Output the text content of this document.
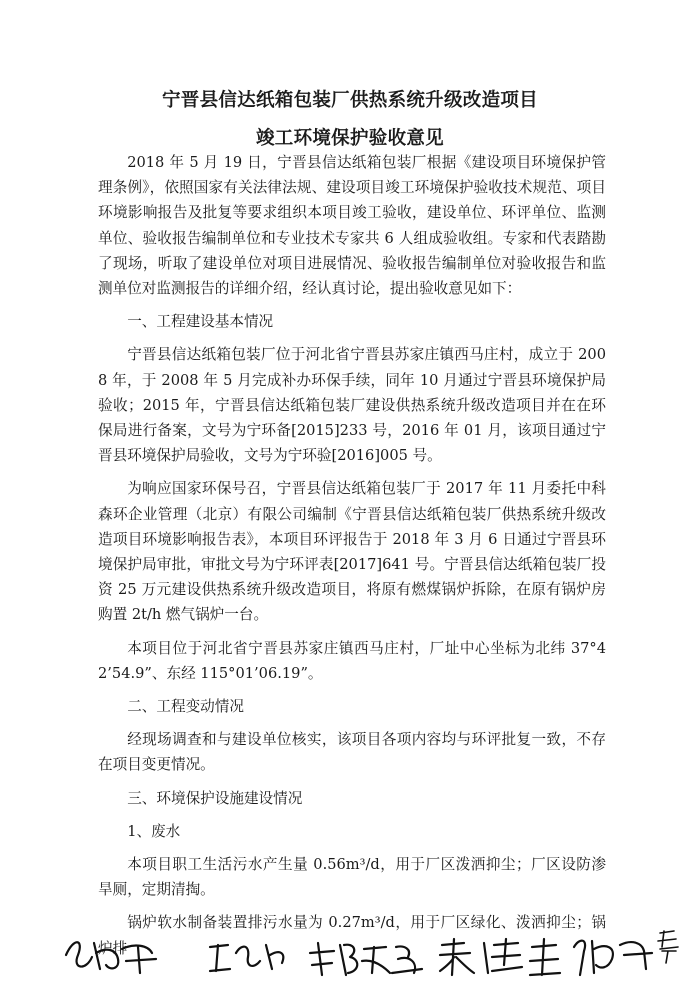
宁晋县信达纸箱包装厂供热系统升级改造项目
竣工环境保护验收意见

2018 年 5 月 19 日，宁晋县信达纸箱包装厂根据《建设项目环境保护管理条例》，依照国家有关法律法规、建设项目竣工环境保护验收技术规范、项目环境影响报告及批复等要求组织本项目竣工验收，建设单位、环评单位、监测单位、验收报告编制单位和专业技术专家共 6 人组成验收组。专家和代表踏勘了现场，听取了建设单位对项目进展情况、验收报告编制单位对验收报告和监测单位对监测报告的详细介绍，经认真讨论，提出验收意见如下：

一、工程建设基本情况

宁晋县信达纸箱包装厂位于河北省宁晋县苏家庄镇西马庄村，成立于 2008 年，于 2008 年 5 月完成补办环保手续，同年 10 月通过宁晋县环境保护局验收；2015 年，宁晋县信达纸箱包装厂建设供热系统升级改造项目并在在环保局进行备案，文号为宁环备[2015]233 号，2016 年 01 月，该项目通过宁晋县环境保护局验收，文号为宁环验[2016]005 号。

为响应国家环保号召，宁晋县信达纸箱包装厂于 2017 年 11 月委托中科森环企业管理（北京）有限公司编制《宁晋县信达纸箱包装厂供热系统升级改造项目环境影响报告表》，本项目环评报告于 2018 年 3 月 6 日通过宁晋县环境保护局审批，审批文号为宁环评表[2017]641 号。宁晋县信达纸箱包装厂投资 25 万元建设供热系统升级改造项目，将原有燃煤锅炉拆除，在原有锅炉房购置 2t/h 燃气锅炉一台。

本项目位于河北省宁晋县苏家庄镇西马庄村，厂址中心坐标为北纬 37°42’54.9”、东经 115°01’06.19”。

二、工程变动情况

经现场调查和与建设单位核实，该项目各项内容均与环评批复一致，不存在项目变更情况。

三、环境保护设施建设情况

1、废水

本项目职工生活污水产生量 0.56m³/d，用于厂区泼洒抑尘；厂区设防渗旱厕，定期清掏。

锅炉软水制备装置排污水量为 0.27m³/d，用于厂区绿化、泼洒抑尘；锅炉排
